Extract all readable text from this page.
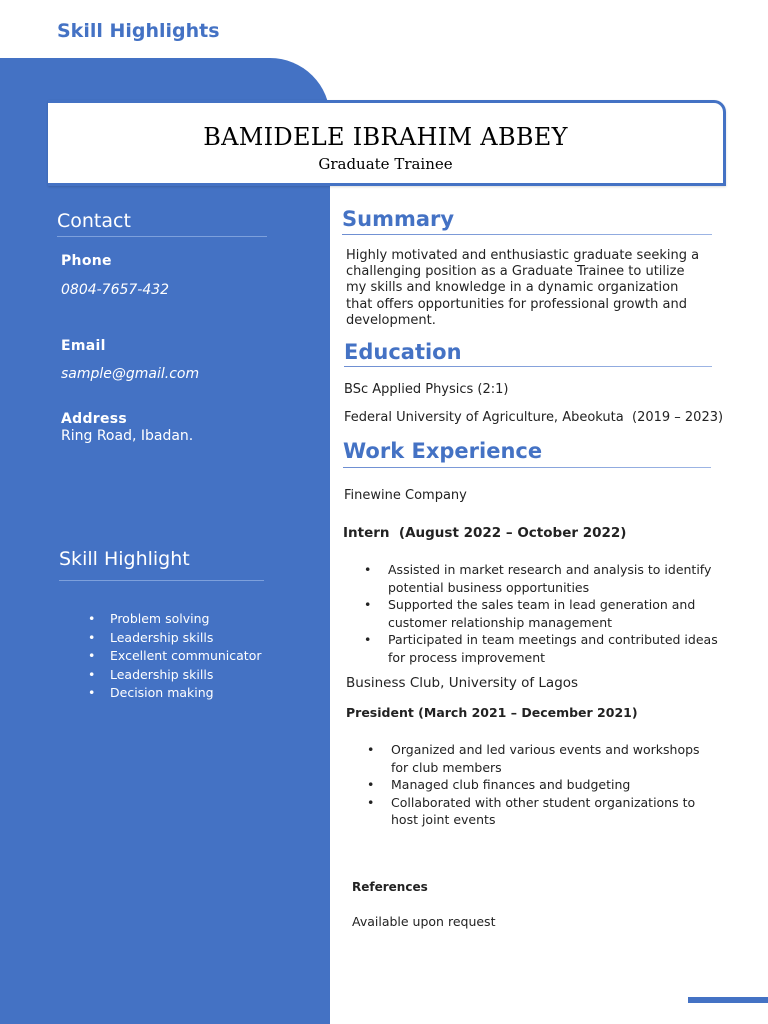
Skill Highlights
BAMIDELE IBRAHIM ABBEY
Graduate Trainee
Contact
Phone
0804-7657-432
Email
sample@gmail.com
Address
Ring Road, Ibadan.
Skill Highlight
• Problem solving
• Leadership skills
• Excellent communicator
• Leadership skills
• Decision making
Summary
Highly motivated and enthusiastic graduate seeking a
challenging position as a Graduate Trainee to utilize
my skills and knowledge in a dynamic organization
that offers opportunities for professional growth and
development.
Education
BSc Applied Physics (2:1)
Federal University of Agriculture, Abeokuta  (2019 – 2023)
Work Experience
Finewine Company
Intern  (August 2022 – October 2022)
• Assisted in market research and analysis to identify
potential business opportunities
• Supported the sales team in lead generation and
customer relationship management
• Participated in team meetings and contributed ideas
for process improvement
Business Club, University of Lagos
President (March 2021 – December 2021)
• Organized and led various events and workshops
for club members
• Managed club finances and budgeting
• Collaborated with other student organizations to
host joint events
References
Available upon request
